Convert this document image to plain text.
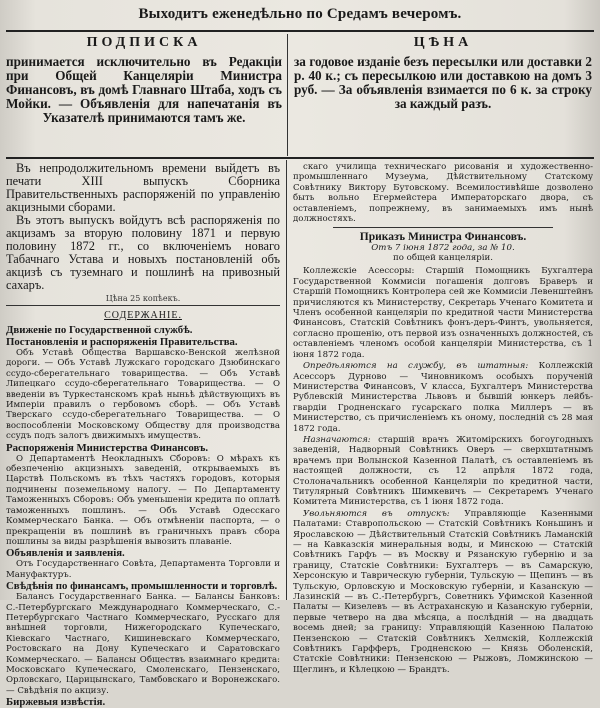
Выходитъ еженедѣльно по Средамъ вечеромъ.
ПОДПИСКА
принимается исключительно въ Редакціи при Общей Канцеляріи Министра Финансовъ, въ домѣ Главнаго Штаба, ходъ съ Мойки. — Объявленія для напечатанія въ Указателѣ принимаются тамъ же.
ЦѢНА
за годовое изданіе безъ пересылки или доставки 2 р. 40 к.; съ пересылкою или доставкою на домъ 3 руб. — За объявленія взимается по 6 к. за строку за каждый разъ.

Въ непродолжительномъ времени выйдетъ въ печати XIII выпускъ Сборника Правительственныхъ распоряженій по управленію акцизными сборами.

Въ этотъ выпускъ войдутъ всѣ распоряженія по акцизамъ за вторую половину 1871 и первую половину 1872 гг., со включеніемъ новаго Табачнаго Устава и новыхъ постановленій объ акцизѣ съ туземнаго и пошлинѣ на привозный сахаръ.

Цѣна 25 копѣекъ.
СОДЕРЖАНІЕ.

Движеніе по Государственной службѣ.

Постановленія и распоряженія Правительства.

Объ Уставѣ Общества Варшавско-Венской желѣзной дороги. — Объ Уставѣ Лужскаго городскаго Дзюбинскаго ссудо-сберегательнаго товарищества. — Объ Уставѣ Липецкаго ссудо-сберегательнаго Товарищества. — О введеніи въ Туркестанскомъ краѣ ныньѣ дѣйствующихъ въ Имперіи правилъ о гербовомъ сборѣ. — Объ Уставѣ Тверскаго ссудо-сберегательнаго Товарищества. — О воспособленіи Московскому Обществу для производства ссудъ подъ залогъ движимыхъ имуществъ.

Распоряженія Министерства Финансовъ.

О Департаментѣ Неокладныхъ Сборовъ: О мѣрахъ къ обезпеченію акцизныхъ заведеній, открываемыхъ въ Царствѣ Польскомъ въ тѣхъ частяхъ городовъ, которыя подчинены поземельному налогу. — По Департаменту Таможенныхъ Сборовъ: Объ уменьшеніи кредита по оплатѣ таможенныхъ пошлинъ. — Объ Уставѣ Одесскаго Коммерческаго Банка. — Объ отмѣненіи паспорта, — о прекращеніи въ пошлинѣ въ граничныхъ правъ сбора пошлины за виды разрѣшенія вывозить плаваніе.

Объявленія и заявленія.

Отъ Государственнаго Совѣта, Департамента Торговли и Мануфактуръ.

Свѣдѣнія по финансамъ, промышленности и торговлѣ.

Балансъ Государственнаго Банка. — Балансы Банковъ: С.-Петербургскаго Международнаго Коммерческаго, С.-Петербургскаго Частнаго Коммерческаго, Русскаго для внѣшней торговли, Нижегородскаго Купеческаго, Кіевскаго Частнаго, Кишиневскаго Коммерческаго, Ростовскаго на Дону Купеческаго и Саратовскаго Коммерческаго. — Балансы Обществъ взаимнаго кредита: Московскаго Купеческаго, Смоленскаго, Пензенскаго, Орловскаго, Царицынскаго, Тамбовскаго и Воронежскаго. — Свѣдѣнія по акцизу.

Биржевыя извѣстія.

скаго училища техническаго рисованія и художественно-промышленнаго Музеума, Дѣйствительному Статскому Совѣтнику Виктору Бутовскому. Всемилостивѣйше дозволено быть вольно Егермейстера Императорскаго двора, съ оставленіемъ, попрежнему, въ занимаемыхъ имъ нынѣ должностяхъ.

Приказъ Министра Финансовъ.
Отъ 7 іюня 1872 года, за № 10.
по общей канцеляріи.

Коллежскіе Асессоры: Старшій Помощникъ Бухгалтера Государственной Коммисіи погашенія долговъ Браверъ и Старшій Помощникъ Контролера сей же Коммисіи Левенштейнъ причисляются къ Министерству, Секретарь Ученаго Комитета и Членъ особенной канцеляріи по кредитной части Министерства Финансовъ, Статскій Совѣтникъ фонъ-деръ-Финтъ, увольняется, согласно прошенію, отъ первой изъ означенныхъ должностей, съ оставленіемъ членомъ особой канцеляріи Министерства, съ 1 іюня 1872 года.

Опредѣляются на службу, въ штатныя: Коллежскій Асессоръ Дурново — Чиновникомъ особыхъ порученій Министерства Финансовъ, V класса, Бухгалтеръ Министерства Рублевскій Министерства Львовъ и бывшій юнкеръ лейбъ-гвардіи Гродненскаго гусарскаго полка Миллеръ — въ Министерство, съ причисленіемъ къ оному, последній съ 28 мая 1872 года.

Назначаются: старшій врачъ Житомірскихъ богоугодныхъ заведеній, Надворный Совѣтникъ Оверъ — сверхштатнымъ врачемъ при Волынской Казенной Палатѣ, съ оставленіемъ въ настоящей должности, съ 12 апрѣля 1872 года, Столоначальникъ особенной Канцеляріи по кредитной части, Титулярный Совѣтникъ Шимкевичъ — Секретаремъ Ученаго Комитета Министерства, съ 1 іюня 1872 года.

Увольняются въ отпускъ: Управляющіе Казенными Палатами: Ставропольскою — Статскій Совѣтникъ Коньшинъ и Ярославскою — Дѣйствительный Статскій Совѣтникъ Ламанскій — на Кавказскія минеральныя воды, и Минскою — Статскій Совѣтникъ Гарфъ — въ Москву и Рязанскую губернію и за границу, Статскіе Совѣтники: Бухгалтеръ — въ Самарскую, Херсонскую и Таврическую губерніи, Тульскую — Щепинъ — въ Тульскую, Орловскую и Московскую губерніи, и Казанскую — Лазинскій — въ С.-Петербургъ, Советникъ Уфимской Казенной Палаты — Кизелевъ — въ Астраханскую и Казанскую губерніи, первые четверо на два мѣсяца, а послѣдній — на двадцать восемь дней; за границу: Управляющій Казенною Палатою Пензенскою — Статскій Совѣтникъ Хелмскій, Коллежскій Совѣтникъ Гарфферъ, Гродненскою — Князь Оболенскій, Статскіе Совѣтники: Пензенскою — Рыжовъ, Ломжинскою — Щеглинъ, и Кѣлецкою — Брандтъ.
